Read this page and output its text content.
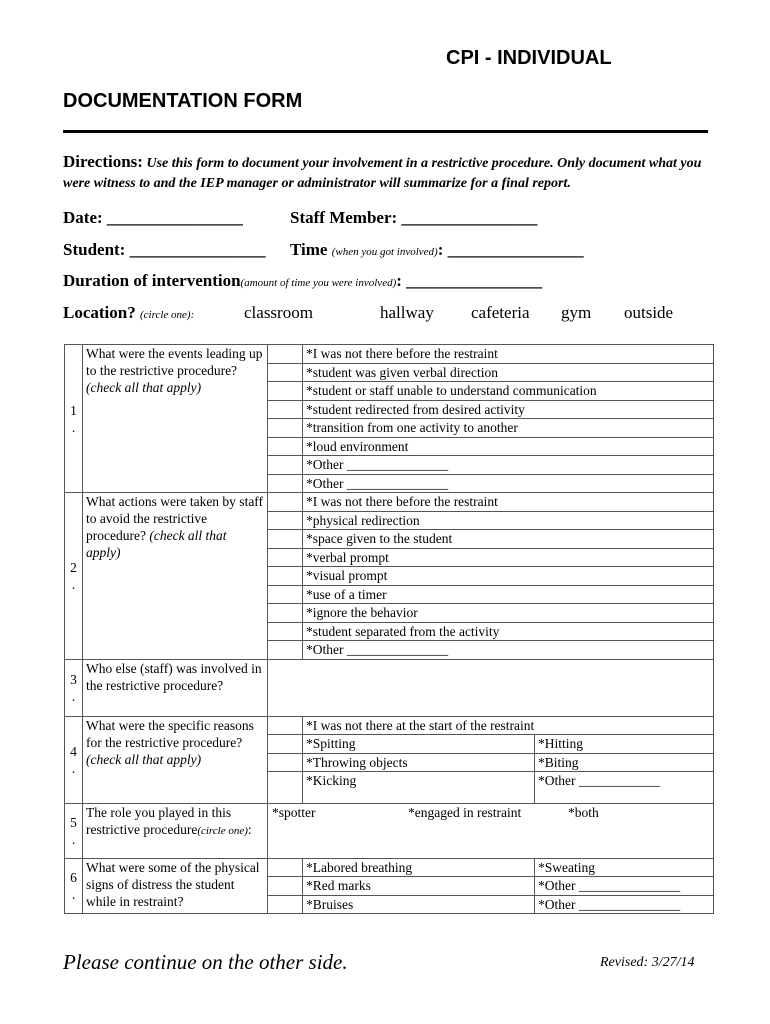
CPI - INDIVIDUAL
DOCUMENTATION FORM
Directions: Use this form to document your involvement in a restrictive procedure. Only document what you were witness to and the IEP manager or administrator will summarize for a final report.
Date: ________________	Staff Member: ________________
Student: ________________ Time (when you got involved): ________________
Duration of intervention(amount of time you were involved): ________________
Location? (circle one):	classroom	hallway cafeteria gym outside
1
.	What were the events leading up to the restrictive procedure? (check all that apply)		*I was not there before the restraint	
			*student was given verbal direction	
			*student or staff unable to understand communication	
			*student redirected from desired activity	
			*transition from one activity to another	
			*loud environment	
			*Other _______________	
			*Other _______________	
2
.	What actions were taken by staff to avoid the restrictive procedure? (check all that apply)		*I was not there before the restraint	
			*physical redirection	
			*space given to the student	
			*verbal prompt	
			*visual prompt	
			*use of a timer	
			*ignore the behavior	
			*student separated from the activity	
			*Other _______________	
3
.	Who else (staff) was involved in the restrictive procedure?			
4
.	What were the specific reasons for the restrictive procedure? (check all that apply)		*I was not there at the start of the restraint	
			*Spitting	*Hitting
			*Throwing objects	*Biting
			*Kicking	*Other ____________
5
.	The role you played in this restrictive procedure(circle one):	*spotter *engaged in restraint *both		

6
.	What were some of the physical signs of distress the student while in restraint?		*Labored breathing	*Sweating
			*Red marks	*Other _______________
			*Bruises	*Other _______________
Please continue on the other side.	Revised: 3/27/14
